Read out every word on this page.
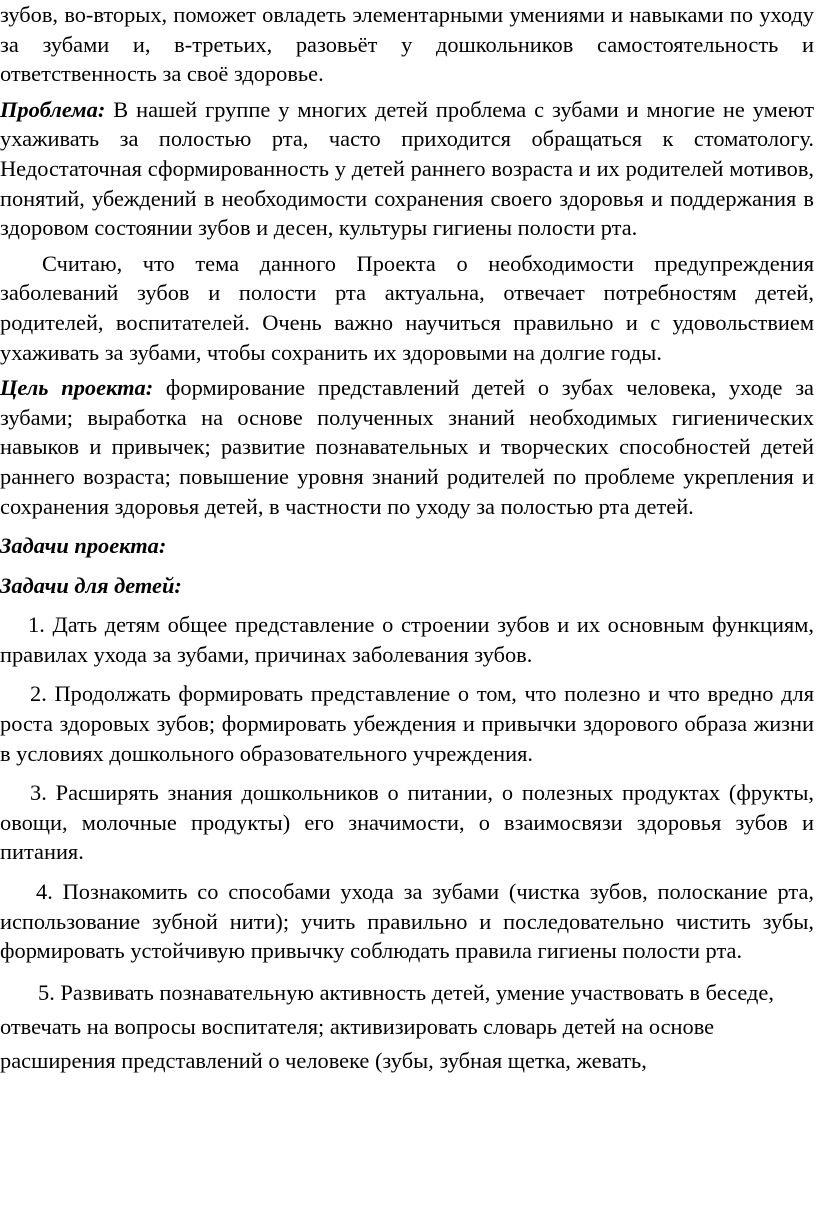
зубов, во-вторых, поможет овладеть элементарными умениями и навыками по уходу за зубами и, в-третьих, разовьёт у дошкольников самостоятельность и ответственность за своё здоровье.

Проблема: В нашей группе у многих детей проблема с зубами и многие не умеют ухаживать за полостью рта, часто приходится обращаться к стоматологу. Недостаточная сформированность у детей раннего возраста и их родителей мотивов, понятий, убеждений в необходимости сохранения своего здоровья и поддержания в здоровом состоянии зубов и десен, культуры гигиены полости рта.

Считаю, что тема данного Проекта о необходимости предупреждения заболеваний зубов и полости рта актуальна, отвечает потребностям детей, родителей, воспитателей. Очень важно научиться правильно и с удовольствием ухаживать за зубами, чтобы сохранить их здоровыми на долгие годы.

Цель проекта: формирование представлений детей о зубах человека, уходе за зубами; выработка на основе полученных знаний необходимых гигиенических навыков и привычек; развитие познавательных и творческих способностей детей раннего возраста; повышение уровня знаний родителей по проблеме укрепления и сохранения здоровья детей, в частности по уходу за полостью рта детей.

Задачи проекта:

Задачи для детей:

1. Дать детям общее представление о строении зубов и их основным функциям, правилах ухода за зубами, причинах заболевания зубов.

2. Продолжать формировать представление о том, что полезно и что вредно для роста здоровых зубов; формировать убеждения и привычки здорового образа жизни в условиях дошкольного образовательного учреждения.

3. Расширять знания дошкольников о питании, о полезных продуктах (фрукты, овощи, молочные продукты) его значимости, о взаимосвязи здоровья зубов и питания.

4. Познакомить со способами ухода за зубами (чистка зубов, полоскание рта, использование зубной нити); учить правильно и последовательно чистить зубы, формировать устойчивую привычку соблюдать правила гигиены полости рта.

5. Развивать познавательную активность детей, умение участвовать в беседе, отвечать на вопросы воспитателя; активизировать словарь детей на основе расширения представлений о человеке (зубы, зубная щетка, жевать,
